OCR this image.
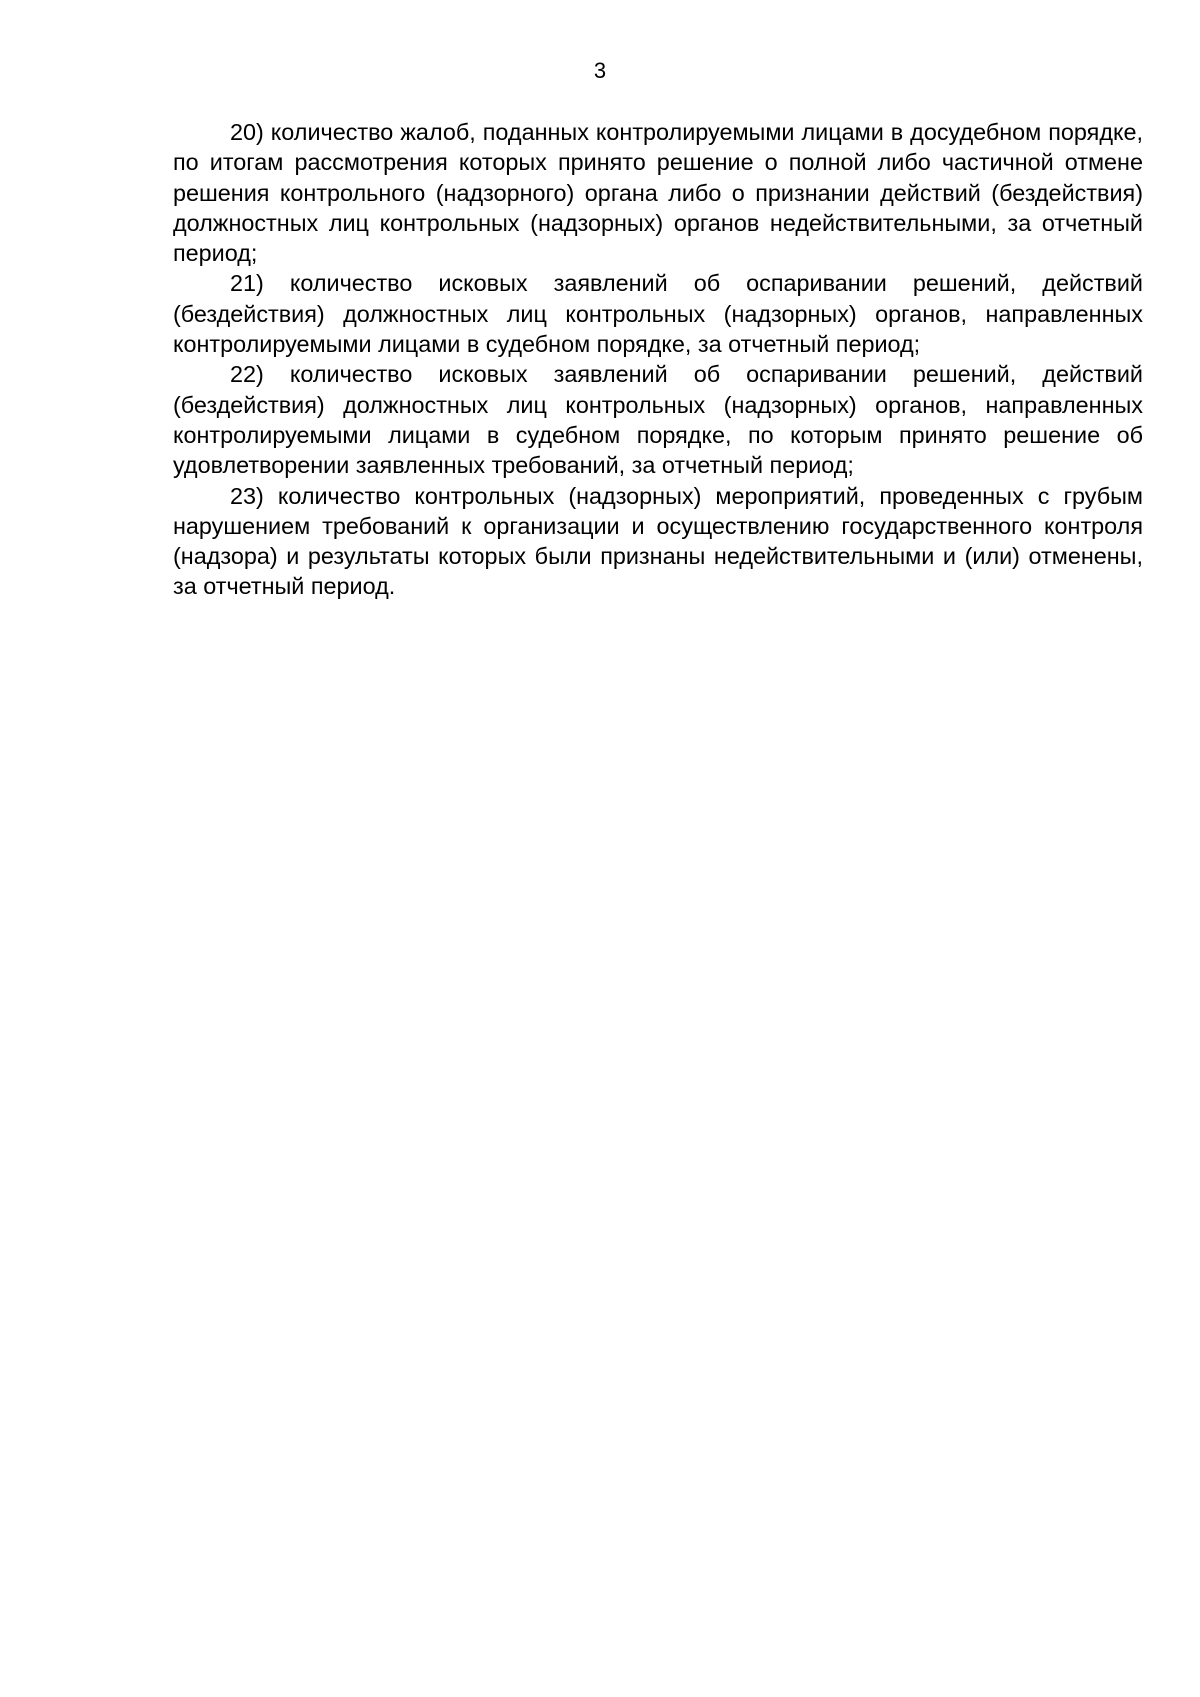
3

20) количество жалоб, поданных контролируемыми лицами в досудебном порядке, по итогам рассмотрения которых принято решение о полной либо частичной отмене решения контрольного (надзорного) органа либо о признании действий (бездействия) должностных лиц контрольных (надзорных) органов недействительными, за отчетный период;

21) количество исковых заявлений об оспаривании решений, действий (бездействия) должностных лиц контрольных (надзорных) органов, направленных контролируемыми лицами в судебном порядке, за отчетный период;

22) количество исковых заявлений об оспаривании решений, действий (бездействия) должностных лиц контрольных (надзорных) органов, направленных контролируемыми лицами в судебном порядке, по которым принято решение об удовлетворении заявленных требований, за отчетный период;

23) количество контрольных (надзорных) мероприятий, проведенных с грубым нарушением требований к организации и осуществлению государственного контроля (надзора) и результаты которых были признаны недействительными и (или) отменены, за отчетный период.
